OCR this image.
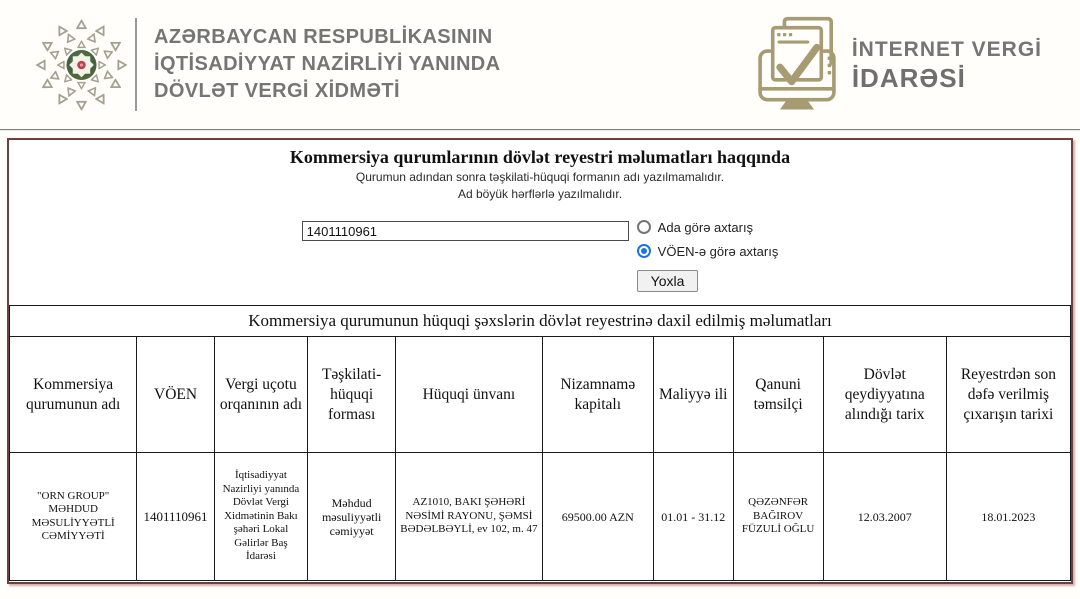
AZƏRBAYCAN RESPUBLİKASININ
İQTİSADİYYAT NAZİRLİYİ YANINDA
DÖVLƏT VERGİ XİDMƏTİ
İNTERNET VERGİ
İDARƏSİ
Kommersiya qurumlarının dövlət reyestri məlumatları haqqında
Qurumun adından sonra təşkilati-hüquqi formanın adı yazılmamalıdır.
Ad böyük hərflərlə yazılmalıdır.
1401110961
Ada görə axtarış
VÖEN-ə görə axtarış
Yoxla
Kommersiya qurumunun hüquqi şəxslərin dövlət reyestrinə daxil edilmiş məlumatları									
Kommersiya qurumunun adı	VÖEN	Vergi uçotu orqanının adı	Təşkilati-hüquqi forması	Hüquqi ünvanı	Nizamnamə kapitalı	Maliyyə ili	Qanuni təmsilçi	Dövlət qeydiyyatına alındığı tarix	Reyestrdən son dəfə verilmiş çıxarışın tarixi
"ORN GROUP" MƏHDUD MƏSULİYYƏTLİ CƏMİYYƏTİ	1401110961	İqtisadiyyat Nazirliyi yanında Dövlət Vergi Xidmətinin Bakı şəhəri Lokal Gəlirlər Baş İdarəsi	Məhdud məsuliyyətli cəmiyyət	AZ1010, BAKI ŞƏHƏRİ NƏSİMİ RAYONU, ŞƏMSİ BƏDƏLBƏYLİ, ev 102, m. 47	69500.00 AZN	01.01 - 31.12	QƏZƏNFƏR BAĞIROV FÜZULİ OĞLU	12.03.2007	18.01.2023
